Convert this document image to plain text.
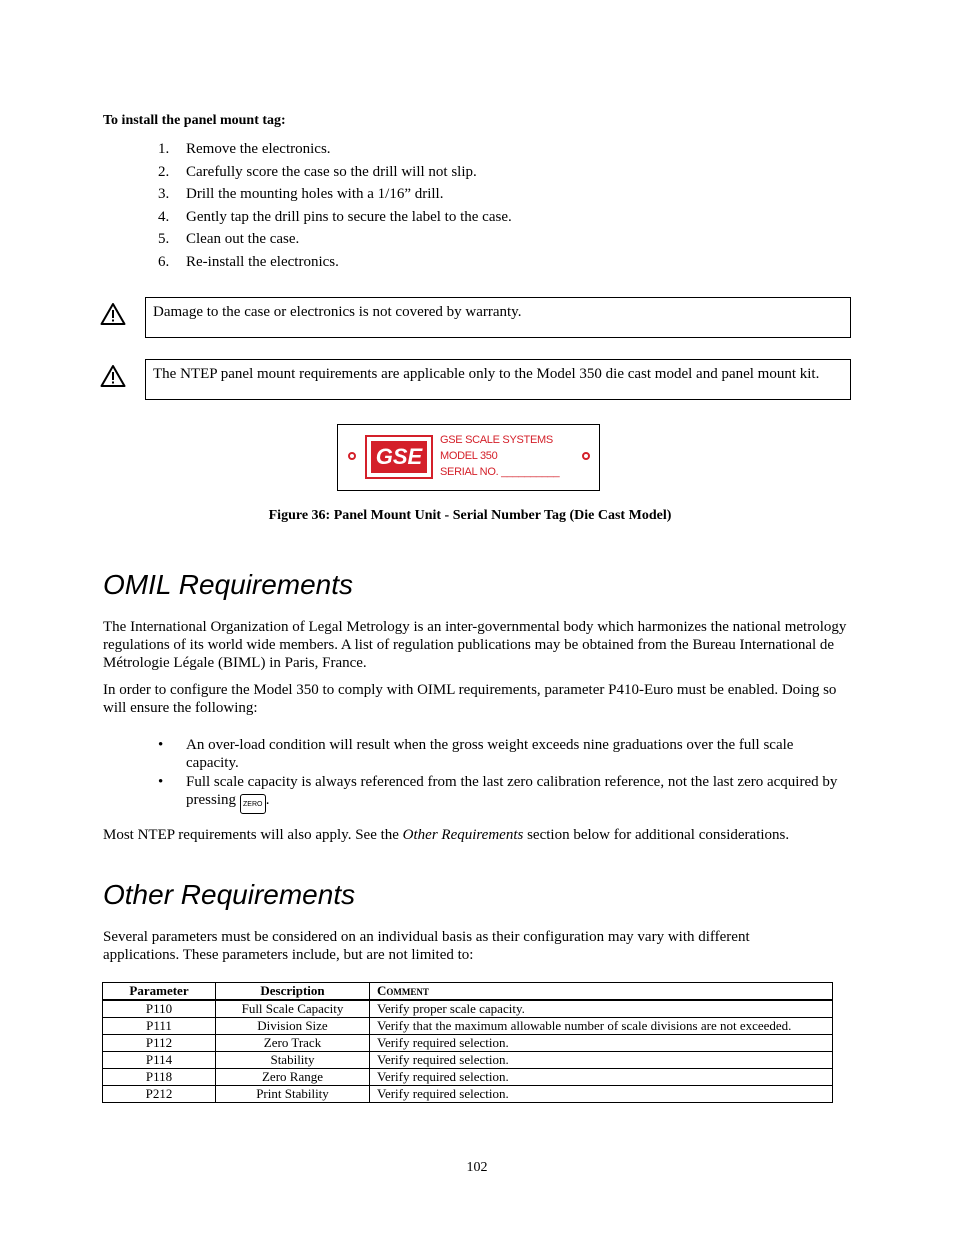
To install the panel mount tag:
1. Remove the electronics.
2. Carefully score the case so the drill will not slip.
3. Drill the mounting holes with a 1/16” drill.
4. Gently tap the drill pins to secure the label to the case.
5. Clean out the case.
6. Re-install the electronics.
Damage to the case or electronics is not covered by warranty.
The NTEP panel mount requirements are applicable only to the Model 350 die cast model and panel mount kit.
GSE
GSE SCALE SYSTEMS
MODEL 350
SERIAL NO. __________
Figure 36: Panel Mount Unit - Serial Number Tag (Die Cast Model)
OMIL Requirements

The International Organization of Legal Metrology is an inter-governmental body which harmonizes the national metrology regulations of its world wide members. A list of regulation publications may be obtained from the Bureau International de Métrologie Légale (BIML) in Paris, France.

In order to configure the Model 350 to comply with OIML requirements, parameter P410-Euro must be enabled. Doing so will ensure the following:

• An over-load condition will result when the gross weight exceeds nine graduations over the full scale capacity.
• Full scale capacity is always referenced from the last zero calibration reference, not the last zero acquired by pressing ZERO .

Most NTEP requirements will also apply. See the Other Requirements section below for additional considerations.

Other Requirements

Several parameters must be considered on an individual basis as their configuration may vary with different applications. These parameters include, but are not limited to:

Parameter	Description	Comment
P110	Full Scale Capacity	Verify proper scale capacity.
P111	Division Size	Verify that the maximum allowable number of scale divisions are not exceeded.
P112	Zero Track	Verify required selection.
P114	Stability	Verify required selection.
P118	Zero Range	Verify required selection.
P212	Print Stability	Verify required selection.
102
